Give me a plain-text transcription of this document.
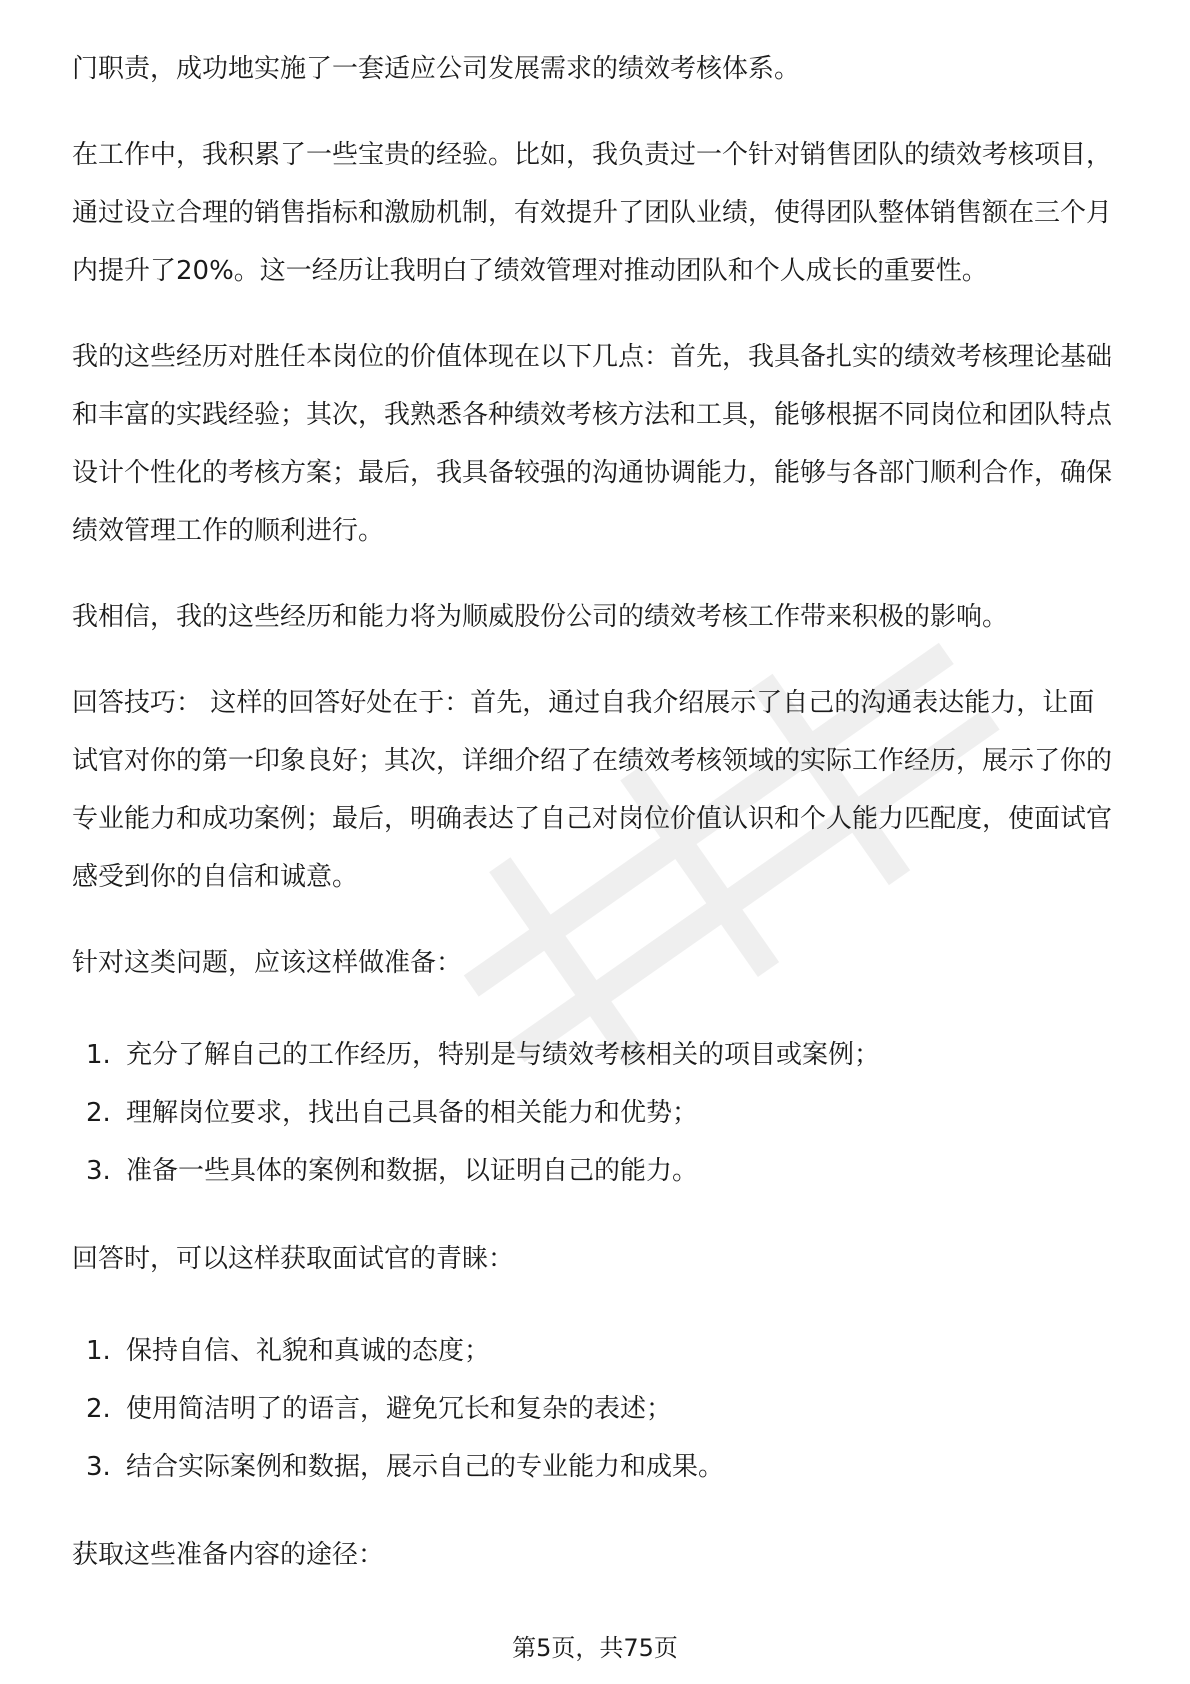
门职责，成功地实施了一套适应公司发展需求的绩效考核体系。

在工作中，我积累了一些宝贵的经验。比如，我负责过一个针对销售团队的绩效考核项目，通过设立合理的销售指标和激励机制，有效提升了团队业绩，使得团队整体销售额在三个月内提升了20%。这一经历让我明白了绩效管理对推动团队和个人成长的重要性。

我的这些经历对胜任本岗位的价值体现在以下几点：首先，我具备扎实的绩效考核理论基础和丰富的实践经验；其次，我熟悉各种绩效考核方法和工具，能够根据不同岗位和团队特点设计个性化的考核方案；最后，我具备较强的沟通协调能力，能够与各部门顺利合作，确保绩效管理工作的顺利进行。

我相信，我的这些经历和能力将为顺威股份公司的绩效考核工作带来积极的影响。

回答技巧： 这样的回答好处在于：首先，通过自我介绍展示了自己的沟通表达能力，让面试官对你的第一印象良好；其次，详细介绍了在绩效考核领域的实际工作经历，展示了你的专业能力和成功案例；最后，明确表达了自己对岗位价值认识和个人能力匹配度，使面试官感受到你的自信和诚意。

针对这类问题，应该这样做准备：

1. 充分了解自己的工作经历，特别是与绩效考核相关的项目或案例；
2. 理解岗位要求，找出自己具备的相关能力和优势；
3. 准备一些具体的案例和数据，以证明自己的能力。

回答时，可以这样获取面试官的青睐：

1. 保持自信、礼貌和真诚的态度；
2. 使用简洁明了的语言，避免冗长和复杂的表述；
3. 结合实际案例和数据，展示自己的专业能力和成果。

获取这些准备内容的途径：

第5页，共75页
